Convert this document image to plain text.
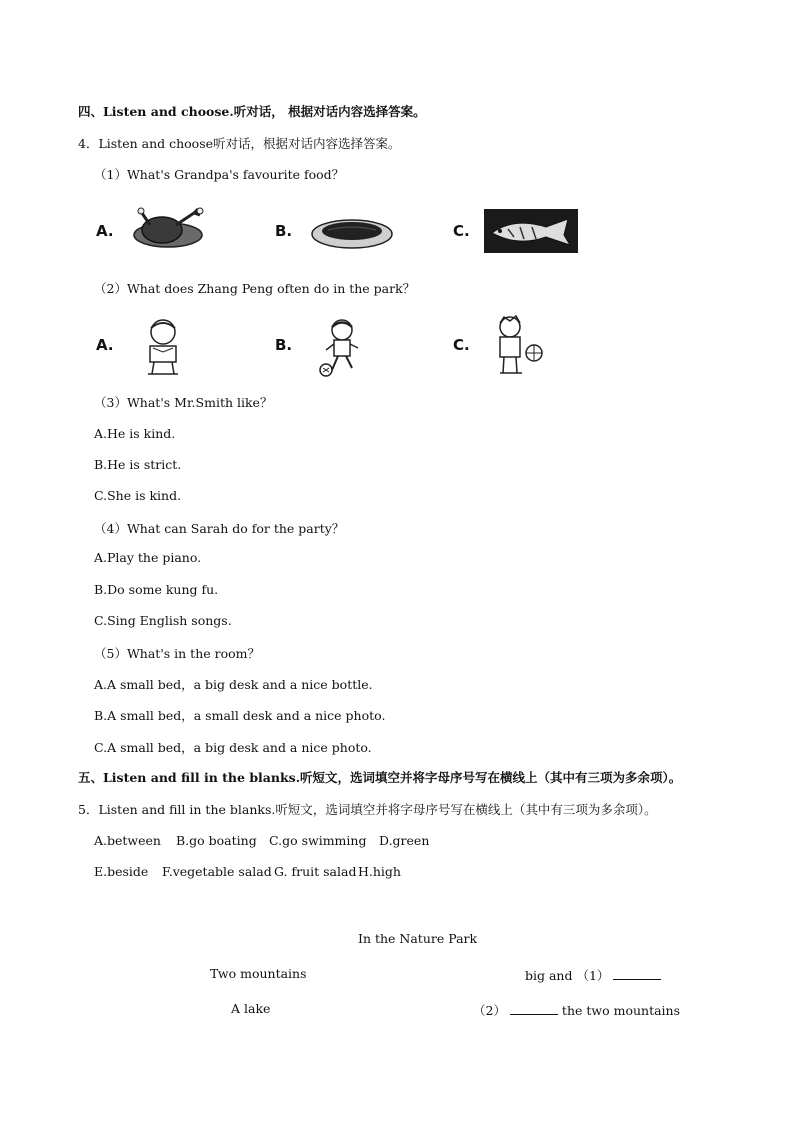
四、Listen and choose.听对话， 根据对话内容选择答案。
4．Listen and choose听对话，根据对话内容选择答案。
（1）What's Grandpa's favourite food？
A.	B.	C.
（2）What does Zhang Peng often do in the park？
A.	B.	C.
（3）What's Mr.Smith like？
A.He is kind.
B.He is strict.
C.She is kind.
（4）What can Sarah do for the party？
A.Play the piano.
B.Do some kung fu.
C.Sing English songs.
（5）What's in the room？
A.A small bed，a big desk and a nice bottle.
B.A small bed，a small desk and a nice photo.
C.A small bed，a big desk and a nice photo.
五、Listen and fill in the blanks.听短文，选词填空并将字母序号写在横线上（其中有三项为多余项）。
5．Listen and fill in the blanks.听短文，选词填空并将字母序号写在横线上（其中有三项为多余项）。
A.between B.go boating C.go swimming D.green
E.beside F.vegetable salad G. fruit salad H.high
In the Nature Park
Two mountains	big and （1）
A lake	（2）	the two mountains
